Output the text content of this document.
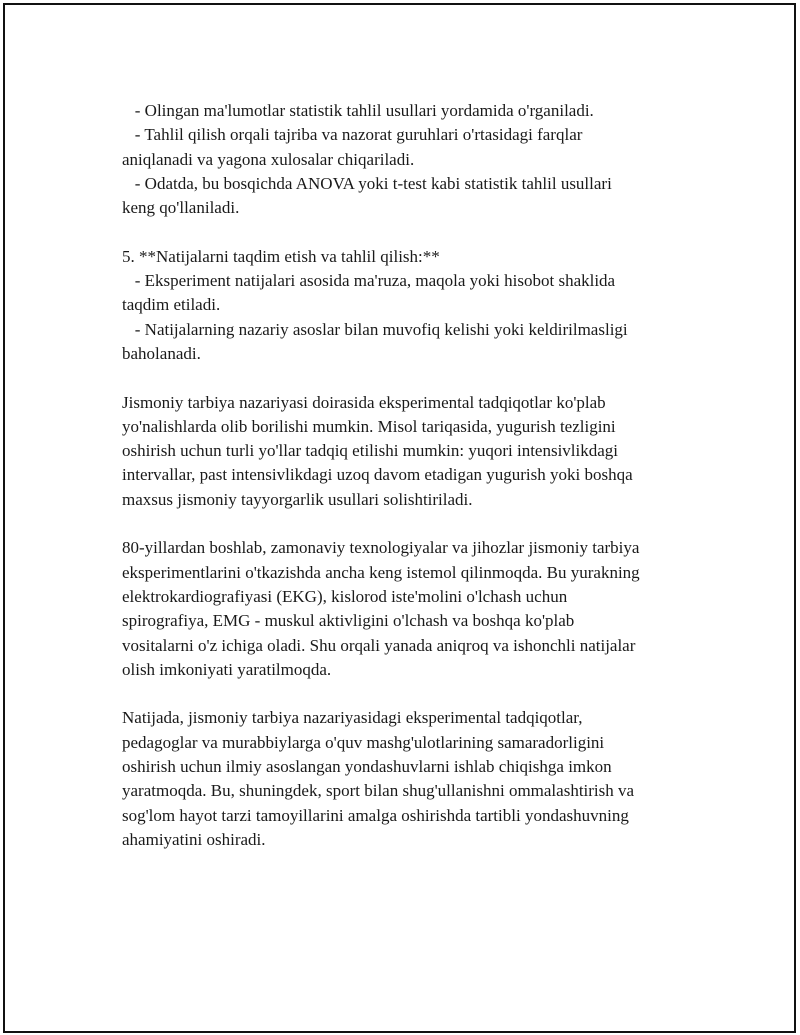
- Olingan ma'lumotlar statistik tahlil usullari yordamida o'rganiladi.
- Tahlil qilish orqali tajriba va nazorat guruhlari o'rtasidagi farqlar
aniqlanadi va yagona xulosalar chiqariladi.
- Odatda, bu bosqichda ANOVA yoki t-test kabi statistik tahlil usullari
keng qo'llaniladi.
5. **Natijalarni taqdim etish va tahlil qilish:**
- Eksperiment natijalari asosida ma'ruza, maqola yoki hisobot shaklida
taqdim etiladi.
- Natijalarning nazariy asoslar bilan muvofiq kelishi yoki keldirilmasligi
baholanadi.
Jismoniy tarbiya nazariyasi doirasida eksperimental tadqiqotlar ko'plab
yo'nalishlarda olib borilishi mumkin. Misol tariqasida, yugurish tezligini
oshirish uchun turli yo'llar tadqiq etilishi mumkin: yuqori intensivlikdagi
intervallar, past intensivlikdagi uzoq davom etadigan yugurish yoki boshqa
maxsus jismoniy tayyorgarlik usullari solishtiriladi.
80-yillardan boshlab, zamonaviy texnologiyalar va jihozlar jismoniy tarbiya
eksperimentlarini o'tkazishda ancha keng istemol qilinmoqda. Bu yurakning
elektrokardiografiyasi (EKG), kislorod iste'molini o'lchash uchun
spirografiya, EMG - muskul aktivligini o'lchash va boshqa ko'plab
vositalarni o'z ichiga oladi. Shu orqali yanada aniqroq va ishonchli natijalar
olish imkoniyati yaratilmoqda.
Natijada, jismoniy tarbiya nazariyasidagi eksperimental tadqiqotlar,
pedagoglar va murabbiylarga o'quv mashg'ulotlarining samaradorligini
oshirish uchun ilmiy asoslangan yondashuvlarni ishlab chiqishga imkon
yaratmoqda. Bu, shuningdek, sport bilan shug'ullanishni ommalashtirish va
sog'lom hayot tarzi tamoyillarini amalga oshirishda tartibli yondashuvning
ahamiyatini oshiradi.
